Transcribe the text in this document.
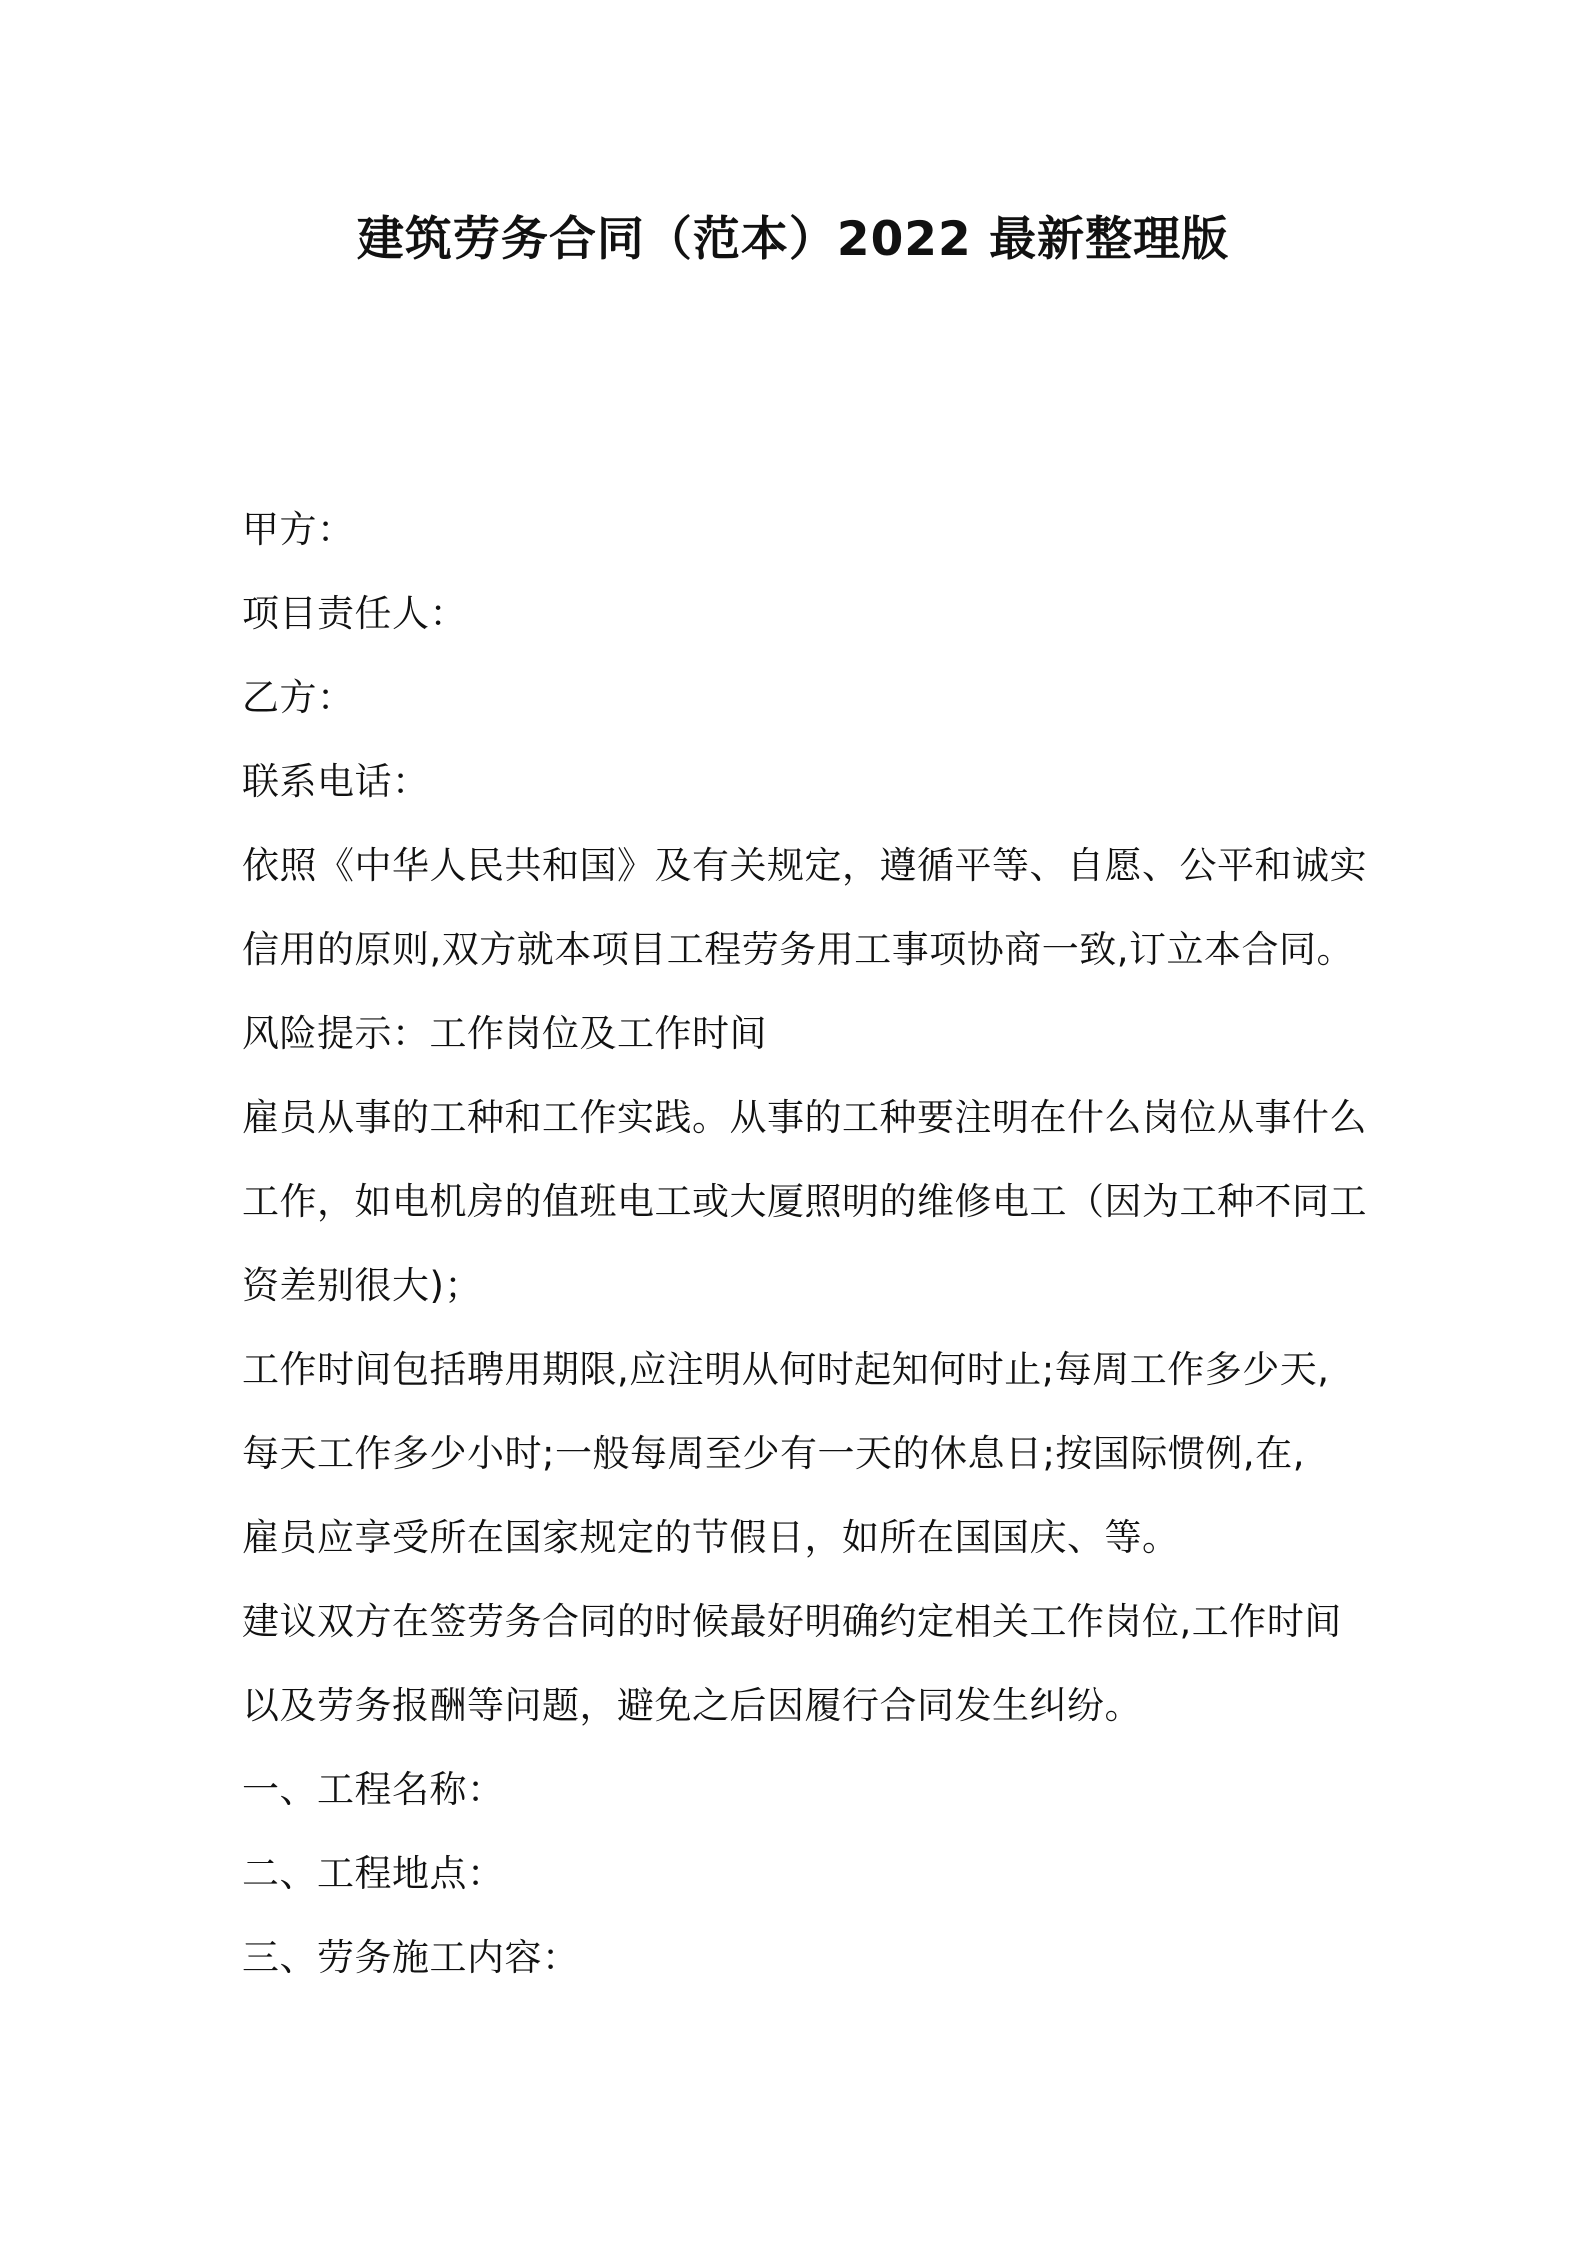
建筑劳务合同（范本）2022 最新整理版
甲方：
项目责任人：
乙方：
联系电话：
依照《中华人民共和国》及有关规定，遵循平等、自愿、公平和诚实
信用的原则,双方就本项目工程劳务用工事项协商一致,订立本合同。
风险提示：工作岗位及工作时间
雇员从事的工种和工作实践。从事的工种要注明在什么岗位从事什么
工作，如电机房的值班电工或大厦照明的维修电工（因为工种不同工
资差别很大)；
工作时间包括聘用期限,应注明从何时起知何时止;每周工作多少天,
每天工作多少小时;一般每周至少有一天的休息日;按国际惯例,在,
雇员应享受所在国家规定的节假日，如所在国国庆、等。
建议双方在签劳务合同的时候最好明确约定相关工作岗位,工作时间
以及劳务报酬等问题，避免之后因履行合同发生纠纷。
一、工程名称：
二、工程地点：
三、劳务施工内容：
